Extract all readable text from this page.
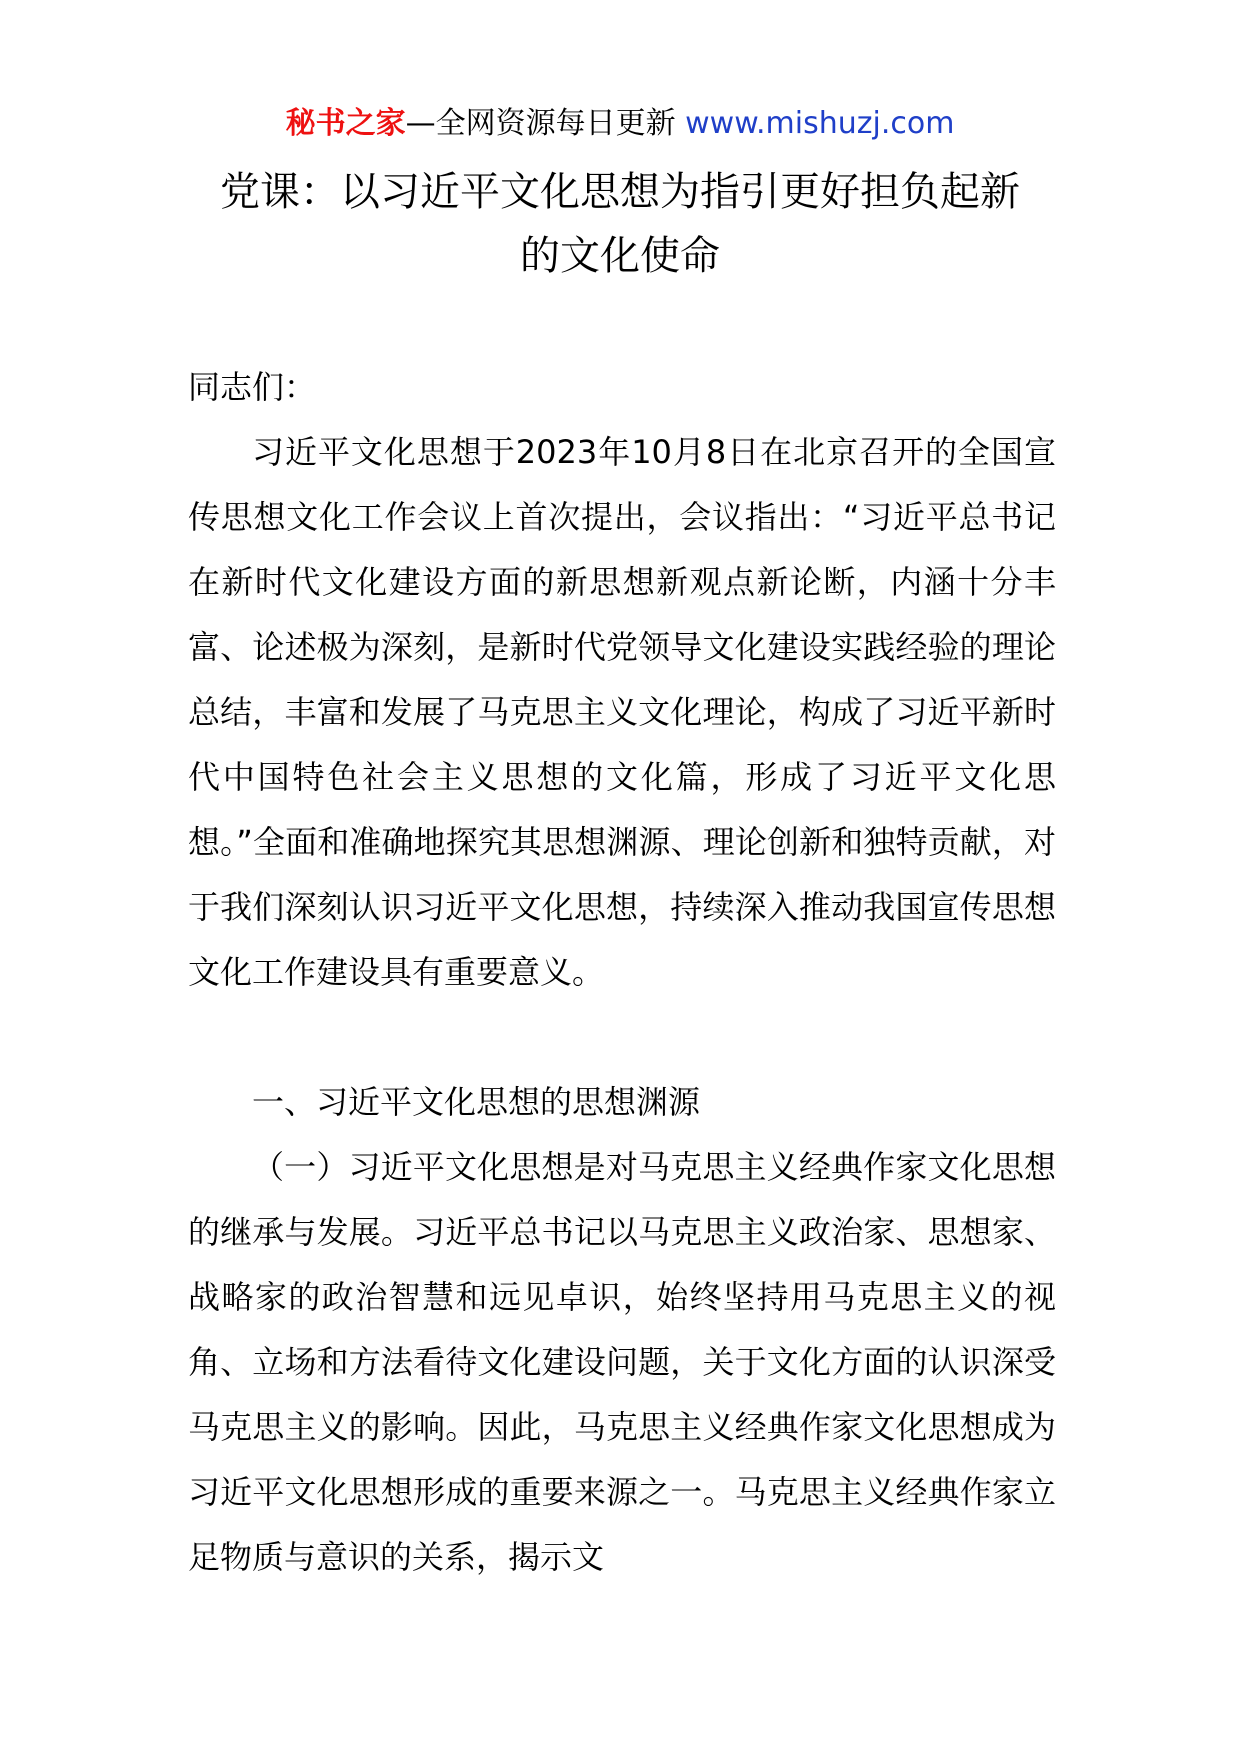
秘书之家—全网资源每日更新 www.mishuzj.com
党课：以习近平文化思想为指引更好担负起新
的文化使命

同志们：

习近平文化思想于2023年10月8日在北京召开的全国宣传思想文化工作会议上首次提出，会议指出：“习近平总书记在新时代文化建设方面的新思想新观点新论断，内涵十分丰富、论述极为深刻，是新时代党领导文化建设实践经验的理论总结，丰富和发展了马克思主义文化理论，构成了习近平新时代中国特色社会主义思想的文化篇，形成了习近平文化思想。”全面和准确地探究其思想渊源、理论创新和独特贡献，对于我们深刻认识习近平文化思想，持续深入推动我国宣传思想文化工作建设具有重要意义。

一、习近平文化思想的思想渊源

（一）习近平文化思想是对马克思主义经典作家文化思想的继承与发展。习近平总书记以马克思主义政治家、思想家、战略家的政治智慧和远见卓识，始终坚持用马克思主义的视角、立场和方法看待文化建设问题，关于文化方面的认识深受马克思主义的影响。因此，马克思主义经典作家文化思想成为习近平文化思想形成的重要来源之一。马克思主义经典作家立足物质与意识的关系，揭示文
